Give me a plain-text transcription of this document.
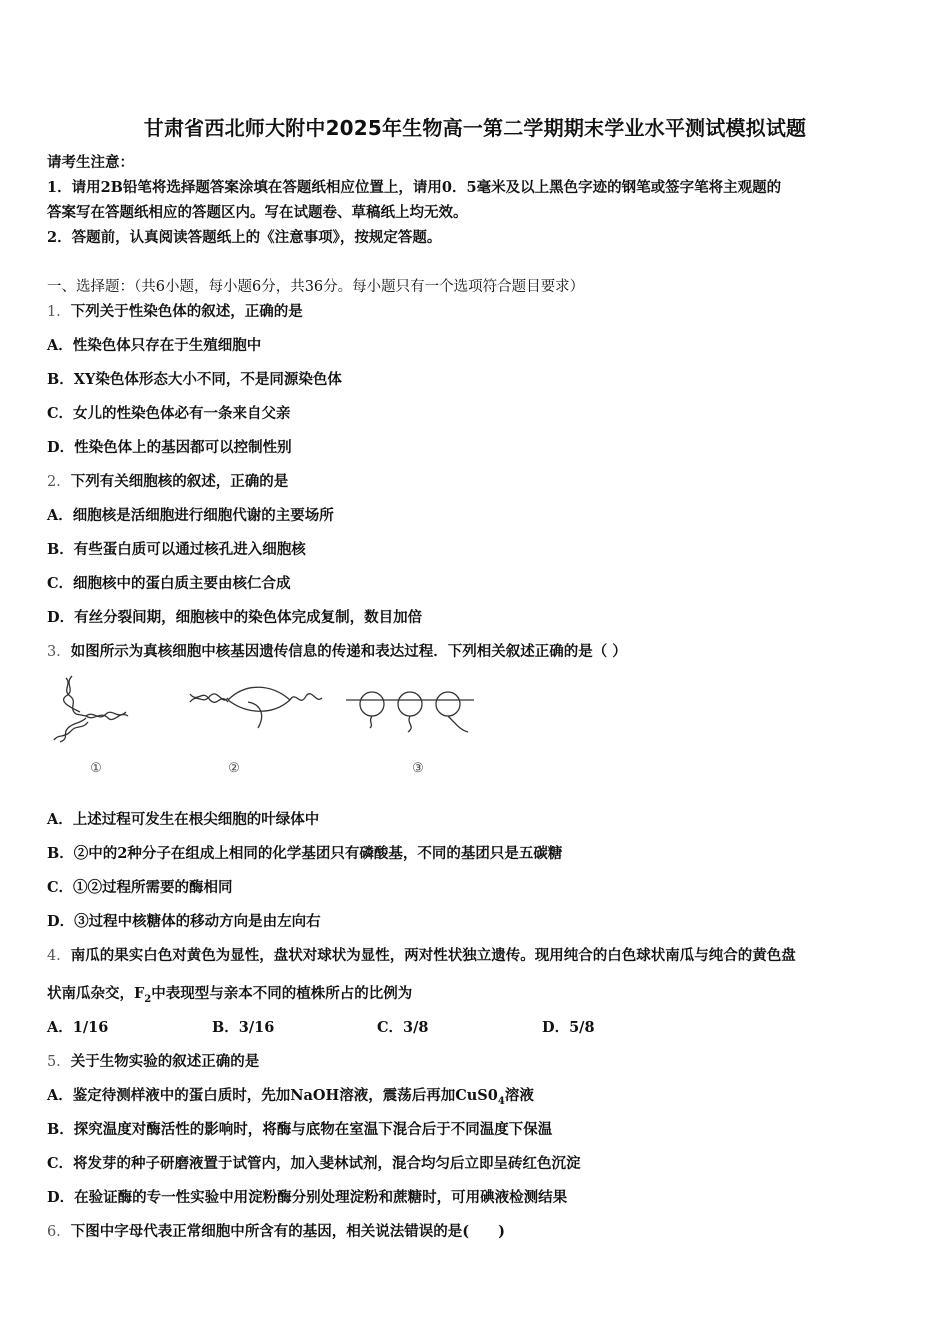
甘肃省西北师大附中2025年生物高一第二学期期末学业水平测试模拟试题
请考生注意：
1．请用2B铅笔将选择题答案涂填在答题纸相应位置上，请用0．5毫米及以上黑色字迹的钢笔或签字笔将主观题的
答案写在答题纸相应的答题区内。写在试题卷、草稿纸上均无效。
2．答题前，认真阅读答题纸上的《注意事项》，按规定答题。
一、选择题：（共6小题，每小题6分，共36分。每小题只有一个选项符合题目要求）
1．下列关于性染色体的叙述，正确的是
A．性染色体只存在于生殖细胞中
B．XY染色体形态大小不同，不是同源染色体
C．女儿的性染色体必有一条来自父亲
D．性染色体上的基因都可以控制性别
2．下列有关细胞核的叙述，正确的是
A．细胞核是活细胞进行细胞代谢的主要场所
B．有些蛋白质可以通过核孔进入细胞核
C．细胞核中的蛋白质主要由核仁合成
D．有丝分裂间期，细胞核中的染色体完成复制，数目加倍
3．如图所示为真核细胞中核基因遗传信息的传递和表达过程．下列相关叙述正确的是（ ）
①	②	③
A．上述过程可发生在根尖细胞的叶绿体中
B．②中的2种分子在组成上相同的化学基团只有磷酸基，不同的基团只是五碳糖
C．①②过程所需要的酶相同
D．③过程中核糖体的移动方向是由左向右
4．南瓜的果实白色对黄色为显性，盘状对球状为显性，两对性状独立遗传。现用纯合的白色球状南瓜与纯合的黄色盘
状南瓜杂交，$F_2$中表现型与亲本不同的植株所占的比例为
A．1/16	B．3/16	C．3/8	D．5/8
5．关于生物实验的叙述正确的是
A．鉴定待测样液中的蛋白质时，先加NaOH溶液，震荡后再加$CuS0_4$溶液
B．探究温度对酶活性的影响时，将酶与底物在室温下混合后于不同温度下保温
C．将发芽的种子研磨液置于试管内，加入斐林试剂，混合均匀后立即呈砖红色沉淀
D．在验证酶的专一性实验中用淀粉酶分别处理淀粉和蔗糖时，可用碘液检测结果
6．下图中字母代表正常细胞中所含有的基因，相关说法错误的是(　　)
